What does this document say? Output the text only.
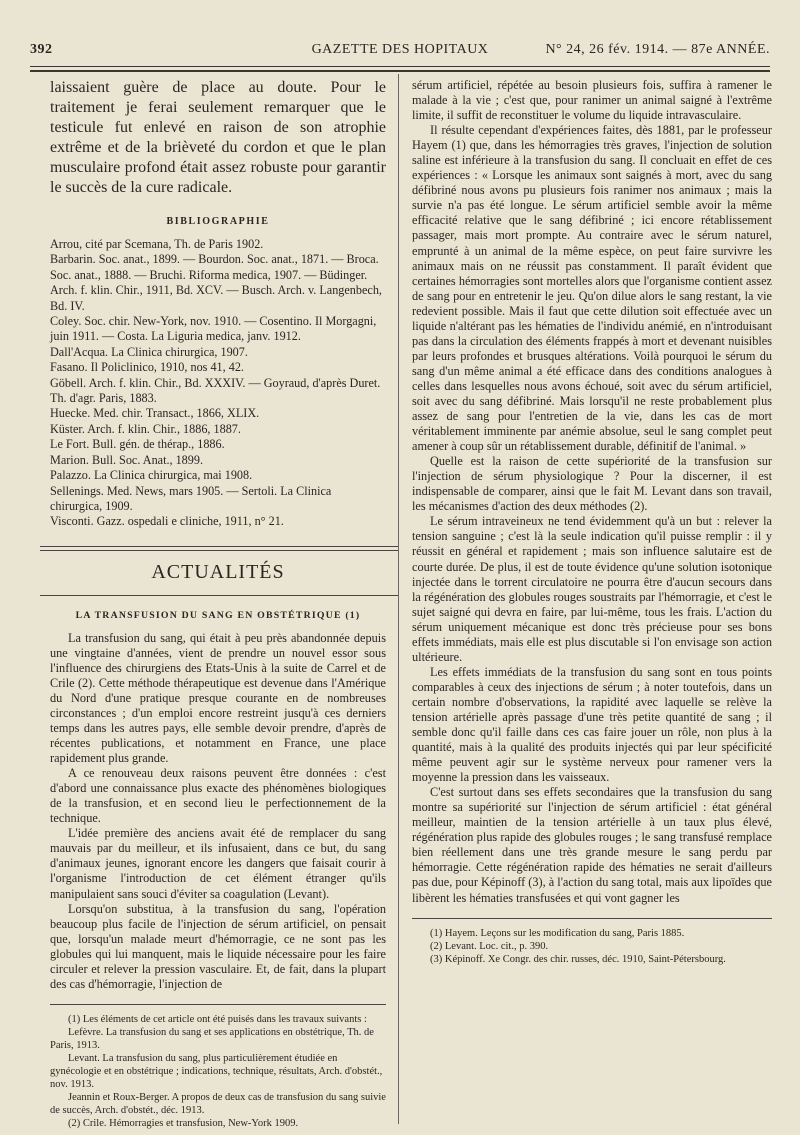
392	GAZETTE DES HOPITAUX	N° 24, 26 fév. 1914. — 87e ANNÉE.

laissaient guère de place au doute. Pour le traitement je ferai seulement remarquer que le testicule fut enlevé en raison de son atrophie extrême et de la brièveté du cordon et que le plan musculaire profond était assez robuste pour garantir le succès de la cure radicale.

BIBLIOGRAPHIE

Arrou, cité par Scemana, Th. de Paris 1902.

Barbarin. Soc. anat., 1899. — Bourdon. Soc. anat., 1871. — Broca. Soc. anat., 1888. — Bruchi. Riforma medica, 1907. — Büdinger. Arch. f. klin. Chir., 1911, Bd. XCV. — Busch. Arch. v. Langenbech, Bd. IV.

Coley. Soc. chir. New-York, nov. 1910. — Cosentino. Il Morgagni, juin 1911. — Costa. La Liguria medica, janv. 1912.

Dall'Acqua. La Clinica chirurgica, 1907.

Fasano. Il Policlinico, 1910, nos 41, 42.

Göbell. Arch. f. klin. Chir., Bd. XXXIV. — Goyraud, d'après Duret. Th. d'agr. Paris, 1883.

Huecke. Med. chir. Transact., 1866, XLIX.

Küster. Arch. f. klin. Chir., 1886, 1887.

Le Fort. Bull. gén. de thérap., 1886.

Marion. Bull. Soc. Anat., 1899.

Palazzo. La Clinica chirurgica, mai 1908.

Sellenings. Med. News, mars 1905. — Sertoli. La Clinica chirurgica, 1909.

Visconti. Gazz. ospedali e cliniche, 1911, n° 21.

ACTUALITÉS
LA TRANSFUSION DU SANG EN OBSTÉTRIQUE (1)

La transfusion du sang, qui était à peu près abandonnée depuis une vingtaine d'années, vient de prendre un nouvel essor sous l'influence des chirurgiens des Etats-Unis à la suite de Carrel et de Crile (2). Cette méthode thérapeutique est devenue dans l'Amérique du Nord d'une pratique presque courante en de nombreuses circonstances ; d'un emploi encore restreint jusqu'à ces derniers temps dans les autres pays, elle semble devoir prendre, d'après de récentes publications, et notamment en France, une place rapidement plus grande.

A ce renouveau deux raisons peuvent être données : c'est d'abord une connaissance plus exacte des phénomènes biologiques de la transfusion, et en second lieu le perfectionnement de la technique.

L'idée première des anciens avait été de remplacer du sang mauvais par du meilleur, et ils infusaient, dans ce but, du sang d'animaux jeunes, ignorant encore les dangers que faisait courir à l'organisme l'introduction de cet élément étranger qu'ils manipulaient sans souci d'éviter sa coagulation (Levant).

Lorsqu'on substitua, à la transfusion du sang, l'opération beaucoup plus facile de l'injection de sérum artificiel, on pensait que, lorsqu'un malade meurt d'hémorragie, ce ne sont pas les globules qui lui manquent, mais le liquide nécessaire pour les faire circuler et relever la pression vasculaire. Et, de fait, dans la plupart des cas d'hémorragie, l'injection de

(1) Les éléments de cet article ont été puisés dans les travaux suivants :

Lefèvre. La transfusion du sang et ses applications en obstétrique, Th. de Paris, 1913.

Levant. La transfusion du sang, plus particulièrement étudiée en gynécologie et en obstétrique ; indications, technique, résultats, Arch. d'obstét., nov. 1913.

Jeannin et Roux-Berger. A propos de deux cas de transfusion du sang suivie de succès, Arch. d'obstét., déc. 1913.

(2) Crile. Hémorragies et transfusion, New-York 1909.

sérum artificiel, répétée au besoin plusieurs fois, suffira à ramener le malade à la vie ; c'est que, pour ranimer un animal saigné à l'extrême limite, il suffit de reconstituer le volume du liquide intravasculaire.

Il résulte cependant d'expériences faites, dès 1881, par le professeur Hayem (1) que, dans les hémorragies très graves, l'injection de solution saline est inférieure à la transfusion du sang. Il concluait en effet de ces expériences : « Lorsque les animaux sont saignés à mort, avec du sang défibriné nous avons pu plusieurs fois ranimer nos animaux ; mais la survie n'a pas été longue. Le sérum artificiel semble avoir la même efficacité relative que le sang défibriné ; ici encore rétablissement passager, mais mort prompte. Au contraire avec le sérum naturel, emprunté à un animal de la même espèce, on peut faire survivre les animaux mais on ne réussit pas constamment. Il paraît évident que certaines hémorragies sont mortelles alors que l'organisme contient assez de sang pour en entretenir le jeu. Qu'on dilue alors le sang restant, la vie redevient possible. Mais il faut que cette dilution soit effectuée avec un liquide n'altérant pas les hématies de l'individu anémié, en n'introduisant pas dans la circulation des éléments frappés à mort et devenant nuisibles par leurs profondes et brusques altérations. Voilà pourquoi le sérum du sang d'un même animal a été efficace dans des conditions analogues à celles dans lesquelles nous avons échoué, soit avec du sérum artificiel, soit avec du sang défibriné. Mais lorsqu'il ne reste probablement plus assez de sang pour l'entretien de la vie, dans les cas de mort véritablement imminente par anémie absolue, seul le sang complet peut amener à coup sûr un rétablissement durable, définitif de l'animal. »

Quelle est la raison de cette supériorité de la transfusion sur l'injection de sérum physiologique ? Pour la discerner, il est indispensable de comparer, ainsi que le fait M. Levant dans son travail, les mécanismes d'action des deux méthodes (2).

Le sérum intraveineux ne tend évidemment qu'à un but : relever la tension sanguine ; c'est là la seule indication qu'il puisse remplir : il y réussit en général et rapidement ; mais son influence salutaire est de courte durée. De plus, il est de toute évidence qu'une solution isotonique injectée dans le torrent circulatoire ne pourra être d'aucun secours dans la régénération des globules rouges soustraits par l'hémorragie, et c'est le sujet saigné qui devra en faire, par lui-même, tous les frais. L'action du sérum uniquement mécanique est donc très précieuse pour ses bons effets immédiats, mais elle est plus discutable si l'on envisage son action ultérieure.

Les effets immédiats de la transfusion du sang sont en tous points comparables à ceux des injections de sérum ; à noter toutefois, dans un certain nombre d'observations, la rapidité avec laquelle se relève la tension artérielle après passage d'une très petite quantité de sang ; il semble donc qu'il faille dans ces cas faire jouer un rôle, non plus à la quantité, mais à la qualité des produits injectés qui par leur spécificité même peuvent agir sur le système nerveux pour ramener vers la moyenne la pression dans les vaisseaux.

C'est surtout dans ses effets secondaires que la transfusion du sang montre sa supériorité sur l'injection de sérum artificiel : état général meilleur, maintien de la tension artérielle à un taux plus élevé, régénération plus rapide des globules rouges ; le sang transfusé remplace bien réellement dans une très grande mesure le sang perdu par hémorragie. Cette régénération rapide des hématies ne serait d'ailleurs pas due, pour Képinoff (3), à l'action du sang total, mais aux lipoïdes que libèrent les hématies transfusées et qui vont gagner les

(1) Hayem. Leçons sur les modification du sang, Paris 1885.

(2) Levant. Loc. cit., p. 390.

(3) Képinoff. Xe Congr. des chir. russes, déc. 1910, Saint-Pétersbourg.
